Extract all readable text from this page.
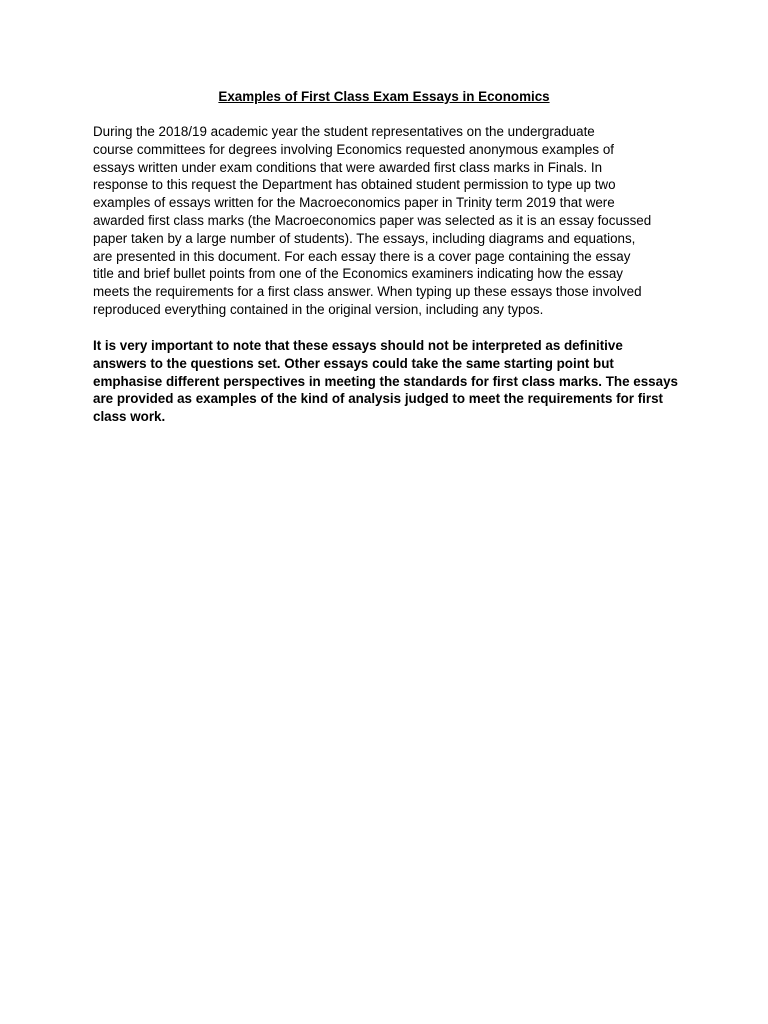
Examples of First Class Exam Essays in Economics

During the 2018/19 academic year the student representatives on the undergraduate
course committees for degrees involving Economics requested anonymous examples of
essays written under exam conditions that were awarded first class marks in Finals. In
response to this request the Department has obtained student permission to type up two
examples of essays written for the Macroeconomics paper in Trinity term 2019 that were
awarded first class marks (the Macroeconomics paper was selected as it is an essay focussed
paper taken by a large number of students). The essays, including diagrams and equations,
are presented in this document. For each essay there is a cover page containing the essay
title and brief bullet points from one of the Economics examiners indicating how the essay
meets the requirements for a first class answer. When typing up these essays those involved
reproduced everything contained in the original version, including any typos.

It is very important to note that these essays should not be interpreted as definitive
answers to the questions set. Other essays could take the same starting point but
emphasise different perspectives in meeting the standards for first class marks. The essays
are provided as examples of the kind of analysis judged to meet the requirements for first
class work.
